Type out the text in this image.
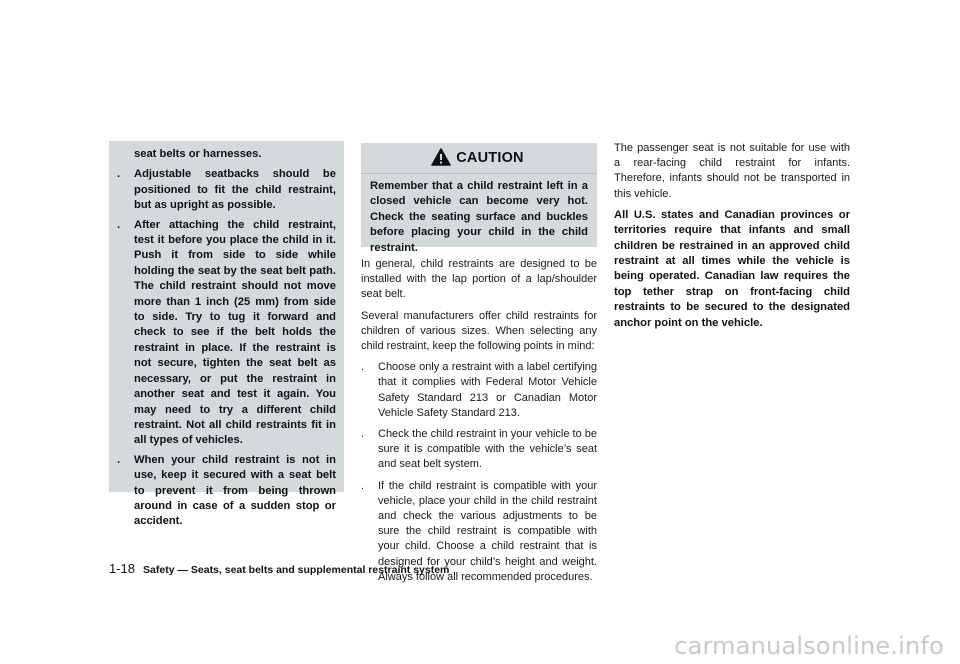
seat belts or harnesses.

. Adjustable seatbacks should be positioned to fit the child restraint, but as upright as possible.
. After attaching the child restraint, test it before you place the child in it. Push it from side to side while holding the seat by the seat belt path. The child restraint should not move more than 1 inch (25 mm) from side to side. Try to tug it forward and check to see if the belt holds the restraint in place. If the restraint is not secure, tighten the seat belt as necessary, or put the restraint in another seat and test it again. You may need to try a different child restraint. Not all child restraints fit in all types of vehicles.
. When your child restraint is not in use, keep it secured with a seat belt to prevent it from being thrown around in case of a sudden stop or accident.
CAUTION
Remember that a child restraint left in a closed vehicle can become very hot. Check the seating surface and buckles before placing your child in the child restraint.

In general, child restraints are designed to be installed with the lap portion of a lap/shoulder seat belt.

Several manufacturers offer child restraints for children of various sizes. When selecting any child restraint, keep the following points in mind:

. Choose only a restraint with a label certifying that it complies with Federal Motor Vehicle Safety Standard 213 or Canadian Motor Vehicle Safety Standard 213.
. Check the child restraint in your vehicle to be sure it is compatible with the vehicle’s seat and seat belt system.
. If the child restraint is compatible with your vehicle, place your child in the child restraint and check the various adjustments to be sure the child restraint is compatible with your child. Choose a child restraint that is designed for your child’s height and weight. Always follow all recommended procedures.

The passenger seat is not suitable for use with a rear-facing child restraint for infants. Therefore, infants should not be transported in this vehicle.

All U.S. states and Canadian provinces or territories require that infants and small children be restrained in an approved child restraint at all times while the vehicle is being operated. Canadian law requires the top tether strap on front-facing child restraints to be secured to the designated anchor point on the vehicle.

1-18 Safety — Seats, seat belts and supplemental restraint system
carmanualsonline.info
